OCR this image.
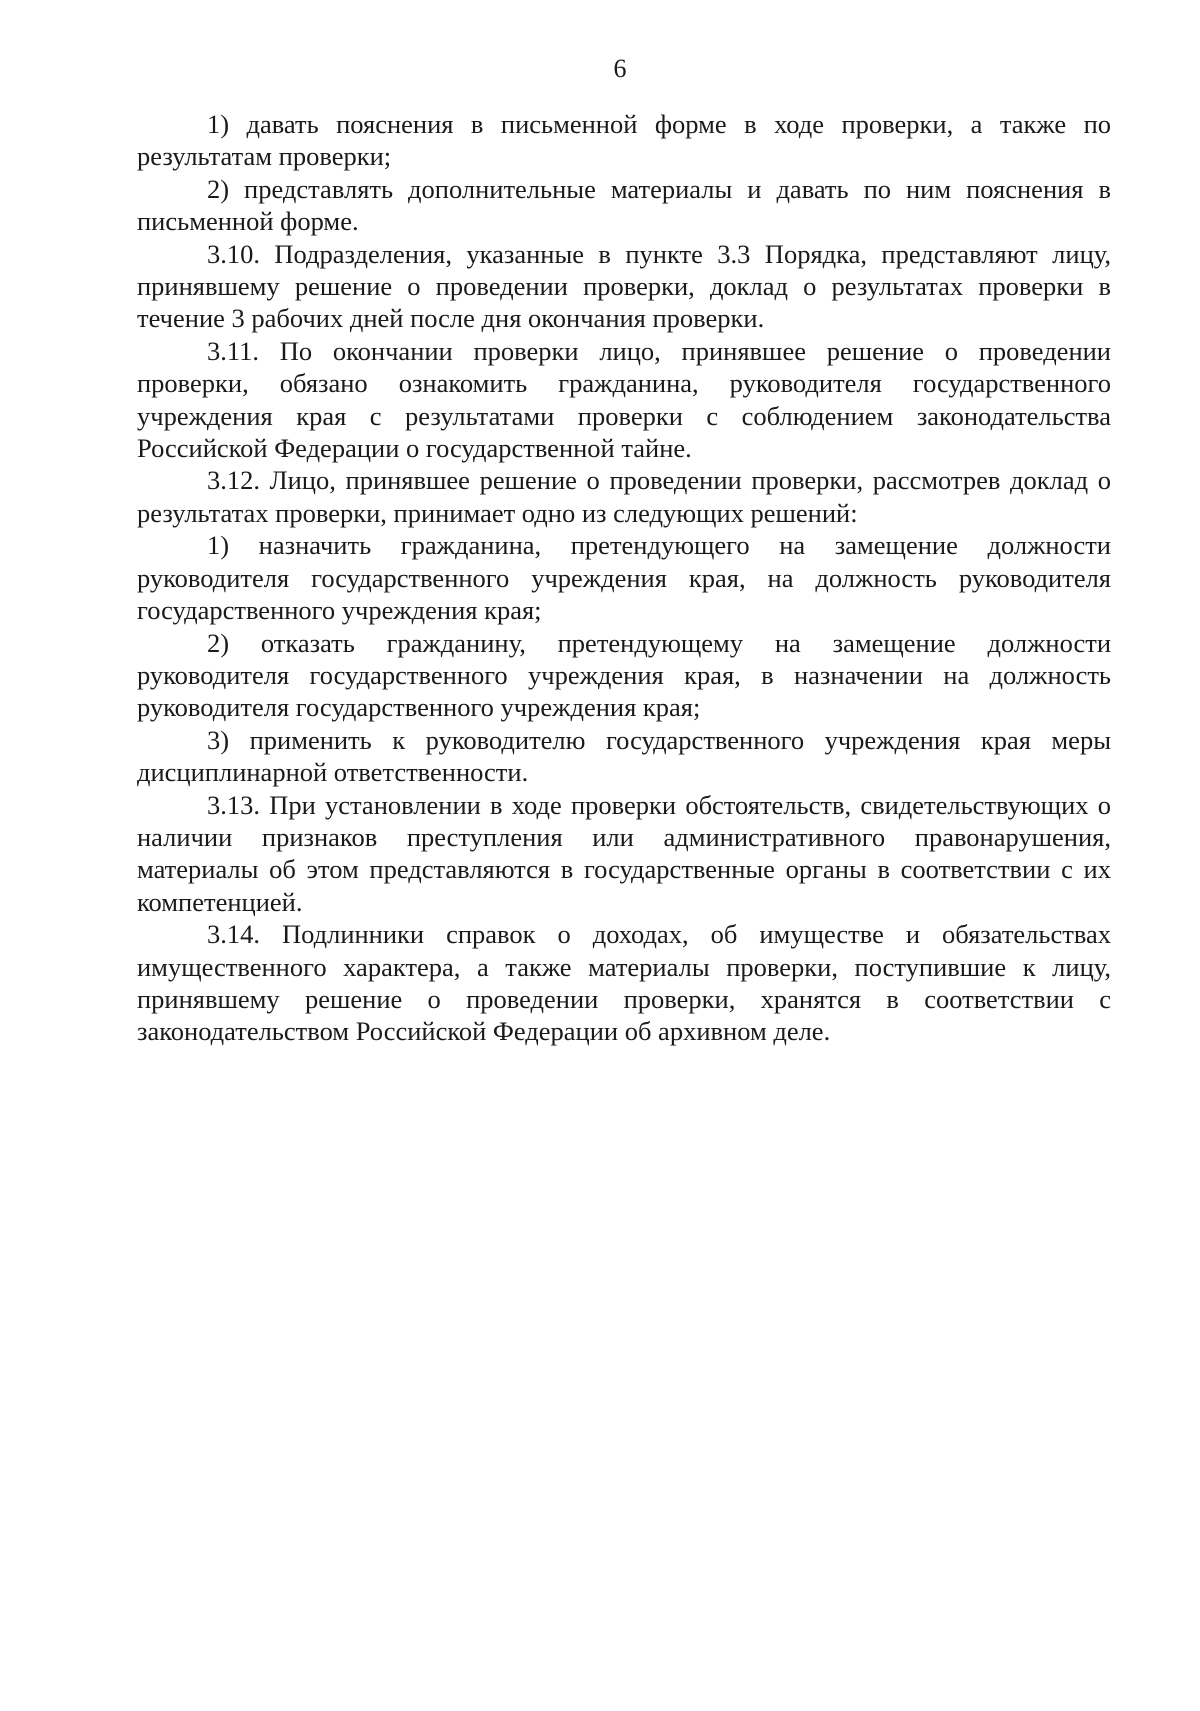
6

1) давать пояснения в письменной форме в ходе проверки, а также по результатам проверки;

2) представлять дополнительные материалы и давать по ним пояснения в письменной форме.

3.10. Подразделения, указанные в пункте 3.3 Порядка, представляют лицу, принявшему решение о проведении проверки, доклад о результатах проверки в течение 3 рабочих дней после дня окончания проверки.

3.11. По окончании проверки лицо, принявшее решение о проведении проверки, обязано ознакомить гражданина, руководителя государственного учреждения края с результатами проверки с соблюдением законодательства Российской Федерации о государственной тайне.

3.12. Лицо, принявшее решение о проведении проверки, рассмотрев доклад о результатах проверки, принимает одно из следующих решений:

1) назначить гражданина, претендующего на замещение должности руководителя государственного учреждения края, на должность руководителя государственного учреждения края;

2) отказать гражданину, претендующему на замещение должности руководителя государственного учреждения края, в назначении на должность руководителя государственного учреждения края;

3) применить к руководителю государственного учреждения края меры дисциплинарной ответственности.

3.13. При установлении в ходе проверки обстоятельств, свидетельствующих о наличии признаков преступления или административного правонарушения, материалы об этом представляются в государственные органы в соответствии с их компетенцией.

3.14. Подлинники справок о доходах, об имуществе и обязательствах имущественного характера, а также материалы проверки, поступившие к лицу, принявшему решение о проведении проверки, хранятся в соответствии с законодательством Российской Федерации об архивном деле.
